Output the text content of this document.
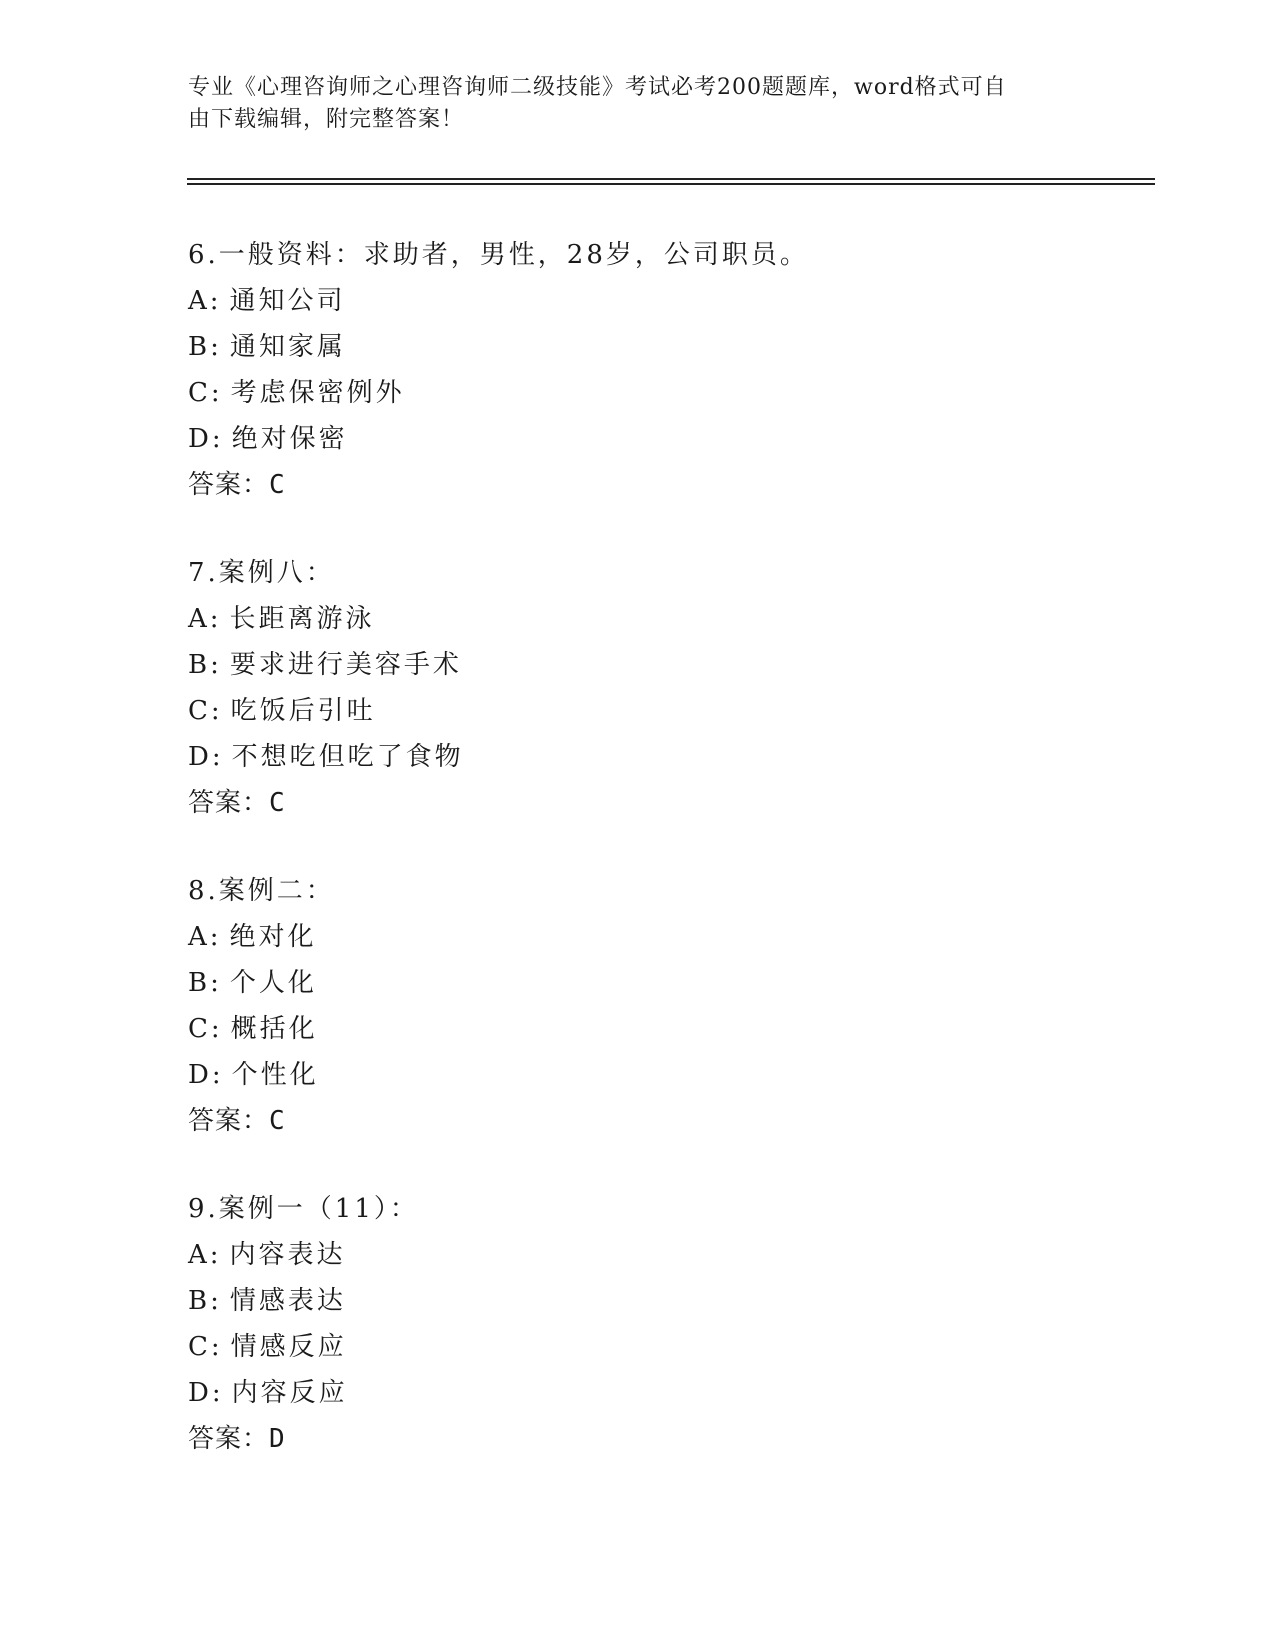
专业《心理咨询师之心理咨询师二级技能》考试必考200题题库，word格式可自
由下载编辑，附完整答案！
6.一般资料：求助者，男性，28岁，公司职员。
A: 通知公司
B: 通知家属
C: 考虑保密例外
D: 绝对保密
答案：C
7.案例八：
A: 长距离游泳
B: 要求进行美容手术
C: 吃饭后引吐
D: 不想吃但吃了食物
答案：C
8.案例二：
A: 绝对化
B: 个人化
C: 概括化
D: 个性化
答案：C
9.案例一（11）：
A: 内容表达
B: 情感表达
C: 情感反应
D: 内容反应
答案：D
